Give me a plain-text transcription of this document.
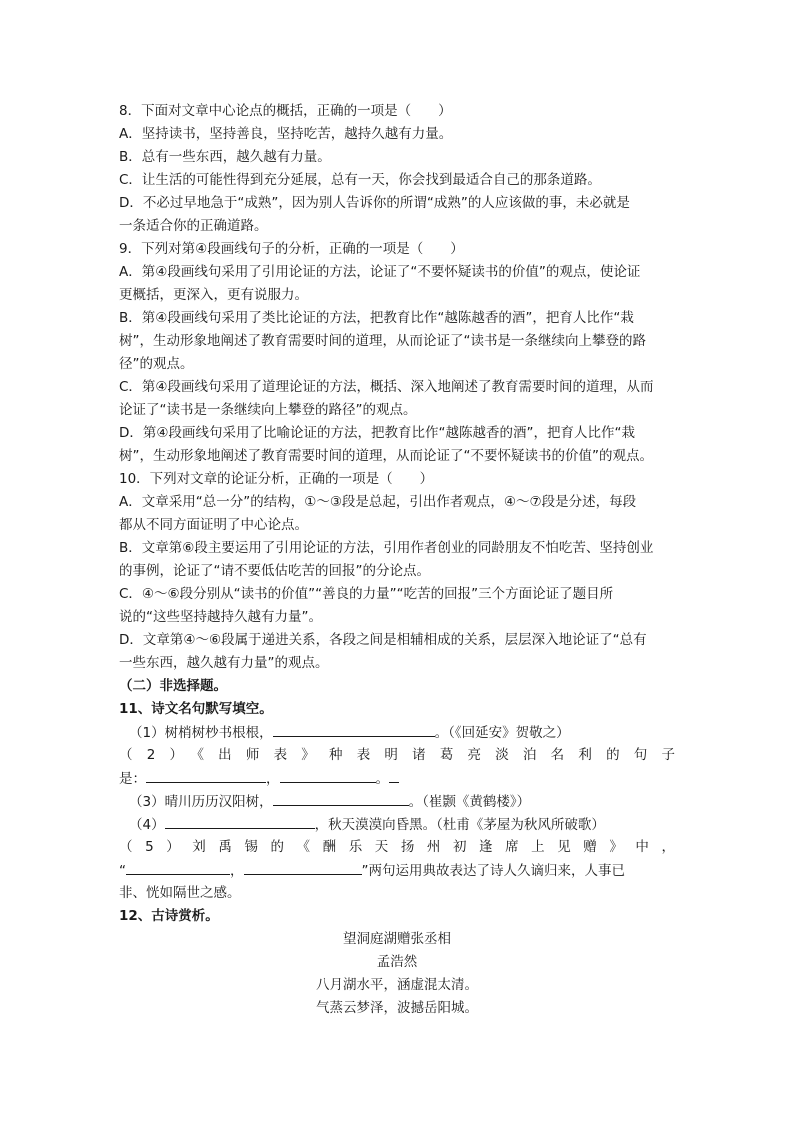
8．下面对文章中心论点的概括，正确的一项是（　　）
A．坚持读书，坚持善良，坚持吃苦，越持久越有力量。
B．总有一些东西，越久越有力量。
C．让生活的可能性得到充分延展，总有一天，你会找到最适合自己的那条道路。
D．不必过早地急于“成熟”，因为别人告诉你的所谓“成熟”的人应该做的事，未必就是
一条适合你的正确道路。
9．下列对第④段画线句子的分析，正确的一项是（　　）
A．第④段画线句采用了引用论证的方法，论证了“不要怀疑读书的价值”的观点，使论证
更概括，更深入，更有说服力。
B．第④段画线句采用了类比论证的方法，把教育比作“越陈越香的酒”，把育人比作“栽
树”，生动形象地阐述了教育需要时间的道理，从而论证了“读书是一条继续向上攀登的路
径”的观点。
C．第④段画线句采用了道理论证的方法，概括、深入地阐述了教育需要时间的道理，从而
论证了“读书是一条继续向上攀登的路径”的观点。
D．第④段画线句采用了比喻论证的方法，把教育比作“越陈越香的酒”，把育人比作“栽
树”，生动形象地阐述了教育需要时间的道理，从而论证了“不要怀疑读书的价值”的观点。
10．下列对文章的论证分析，正确的一项是（　　）
A．文章采用“总一分”的结构，①～③段是总起，引出作者观点，④～⑦段是分述，每段
都从不同方面证明了中心论点。
B．文章第⑥段主要运用了引用论证的方法，引用作者创业的同龄朋友不怕吃苦、坚持创业
的事例，论证了“请不要低估吃苦的回报”的分论点。
C．④～⑥段分别从“读书的价值”“善良的力量”“吃苦的回报”三个方面论证了题目所
说的“这些坚持越持久越有力量”。
D．文章第④～⑥段属于递进关系，各段之间是相辅相成的关系，层层深入地论证了“总有
一些东西，越久越有力量”的观点。
（二）非选择题。
11、诗文名句默写填空。
（1）树梢树杪书根根，	。（《回延安》贺敬之）
（2）《出师表》种表明诸葛亮淡泊名利的句子
是：	，	。
（3）晴川历历汉阳树，	。（崔颢《黄鹤楼》）
（4）	，秋天漠漠向昏黑。（杜甫《茅屋为秋风所破歌）
（5）刘禹锡的《酬乐天扬州初逢席上见赠》中，
“	，	”两句运用典故表达了诗人久谪归来，人事已
非、恍如隔世之感。
12、古诗赏析。
望洞庭湖赠张丞相
孟浩然
八月湖水平，涵虚混太清。
气蒸云梦泽，波撼岳阳城。
